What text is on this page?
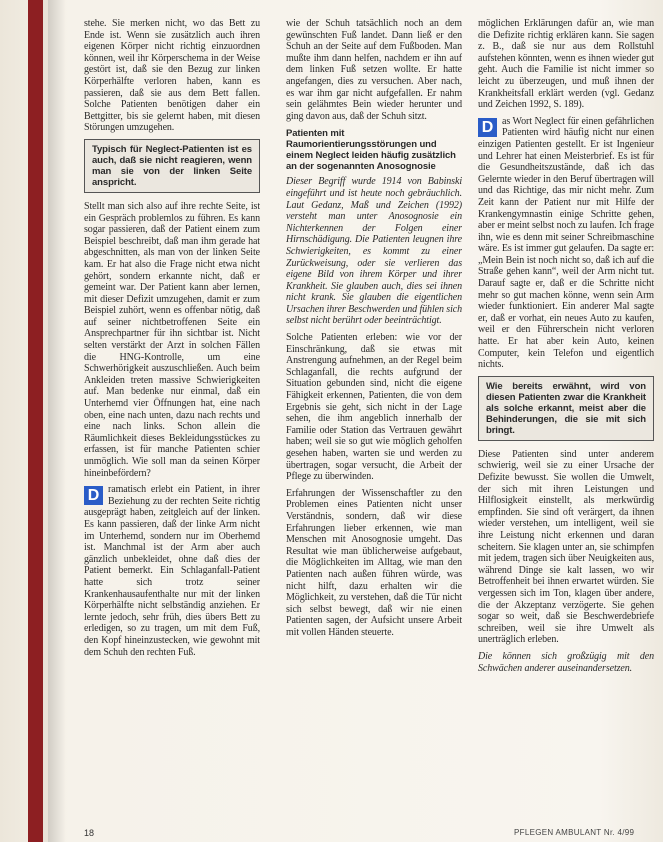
stehe. Sie merken nicht, wo das Bett zu Ende ist. Wenn sie zusätzlich auch ihren eigenen Körper nicht richtig einzuordnen können, weil ihr Körperschema in der Weise gestört ist, daß sie den Bezug zur linken Körperhälfte verloren haben, kann es passieren, daß sie aus dem Bett fallen. Solche Patienten benötigen daher ein Bettgitter, bis sie gelernt haben, mit diesen Störungen umzugehen.

Typisch für Neglect-Patienten ist es auch, daß sie nicht reagieren, wenn man sie von der linken Seite anspricht.

Stellt man sich also auf ihre rechte Seite, ist ein Gespräch problemlos zu führen. Es kann sogar passieren, daß der Patient einem zum Beispiel beschreibt, daß man ihm gerade hat abgeschnitten, als man von der linken Seite kam. Er hat also die Frage nicht etwa nicht gehört, sondern erkannte nicht, daß er gemeint war. Der Patient kann aber lernen, mit dieser Defizit umzugehen, damit er zum Beispiel zuhört, wenn es offenbar nötig, daß auf seiner nichtbetroffenen Seite ein Ansprechpartner für ihn sichtbar ist. Nicht selten verstärkt der Arzt in solchen Fällen die HNG-Kontrolle, um eine Schwerhörigkeit auszuschließen. Auch beim Ankleiden treten massive Schwierigkeiten auf. Man bedenke nur einmal, daß ein Unterhemd vier Öffnungen hat, eine nach oben, eine nach unten, dazu nach rechts und eine nach links. Schon allein die Räumlichkeit dieses Bekleidungsstückes zu erfassen, ist für manche Patienten schier unmöglich. Wie soll man da seinen Körper hineinbefördern?

D ramatisch erlebt ein Patient, in ihrer Beziehung zu der rechten Seite richtig ausgeprägt haben, zeitgleich auf der linken. Es kann passieren, daß der linke Arm nicht im Unterhemd, sondern nur im Oberhemd ist. Manchmal ist der Arm aber auch gänzlich unbekleidet, ohne daß dies der Patient bemerkt. Ein Schlaganfall-Patient hatte sich trotz seiner Krankenhausaufenthalte nur mit der linken Körperhälfte nicht selbständig anziehen. Er lernte jedoch, sehr früh, dies übers Bett zu erledigen, so zu tragen, um mit dem Fuß, den Kopf hineinzustecken, wie gewohnt mit dem Schuh den rechten Fuß.

wie der Schuh tatsächlich noch an dem gewünschten Fuß landet. Dann ließ er den Schuh an der Seite auf dem Fußboden. Man mußte ihm dann helfen, nachdem er ihn auf dem linken Fuß setzen wollte. Er hatte angefangen, dies zu versuchen. Aber nach, es war ihm gar nicht aufgefallen. Er nahm sein gelähmtes Bein wieder herunter und ging davon aus, daß der Schuh sitzt.

Patienten mit Raumorientierungsstörungen und einem Neglect leiden häufig zusätzlich an der sogenannten Anosognosie

Dieser Begriff wurde 1914 von Babinski eingeführt und ist heute noch gebräuchlich. Laut Gedanz, Maß und Zeichen (1992) versteht man unter Anosognosie ein Nichterkennen der Folgen einer Hirnschädigung. Die Patienten leugnen ihre Schwierigkeiten, es kommt zu einer Zurückweisung, oder sie verlieren das eigene Bild von ihrem Körper und ihrer Krankheit. Sie glauben auch, dies sei ihnen nicht krank. Sie glauben die eigentlichen Ursachen ihrer Beschwerden und fühlen sich selbst nicht berührt oder beeinträchtigt.

Solche Patienten erleben: wie vor der Einschränkung, daß sie etwas mit Anstrengung aufnehmen, an der Regel beim Schlaganfall, die rechts aufgrund der Situation gebunden sind, nicht die eigene Fähigkeit erkennen, Patienten, die von dem Ergebnis sie geht, sich nicht in der Lage sehen, die ihm angeblich innerhalb der Familie oder Station das Vertrauen gewährt haben; weil sie so gut wie möglich geholfen gesehen haben, warten sie und werden zu übertragen, sogar versucht, die Arbeit der Pflege zu überwinden.

Erfahrungen der Wissenschaftler zu den Problemen eines Patienten nicht unser Verständnis, sondern, daß wir diese Erfahrungen lieber erkennen, wie man Menschen mit Anosognosie umgeht. Das Resultat wie man üblicherweise aufgebaut, die Möglichkeiten im Alltag, wie man den Patienten nach außen führen würde, was nicht hilft, dazu erhalten wir die Möglichkeit, zu verstehen, daß die Tür nicht sich selbst bewegt, daß wir nie einen Patienten sagen, der Aufsicht unsere Arbeit mit vollen Händen steuerte.

möglichen Erklärungen dafür an, wie man die Defizite richtig erklären kann. Sie sagen z. B., daß sie nur aus dem Rollstuhl aufstehen könnten, wenn es ihnen wieder gut geht. Auch die Familie ist nicht immer so leicht zu überzeugen, und muß ihnen der Krankheitsfall erklärt werden (vgl. Gedanz und Zeichen 1992, S. 189).

D as Wort Neglect für einen gefährlichen Patienten wird häufig nicht nur einen einzigen Patienten gestellt. Er ist Ingenieur und Lehrer hat einen Meisterbrief. Es ist für die Gesundheitszustände, daß ich das Gelernte wieder in den Beruf übertragen will und das Richtige, das mir nicht mehr. Zum Zeit kann der Patient nur mit Hilfe der Krankengymnastin einige Schritte gehen, aber er meint selbst noch zu laufen. Ich frage ihn, wie es denn mit seiner Schreibmaschine wäre. Es ist immer gut gelaufen. Da sagte er: „Mein Bein ist noch nicht so, daß ich auf die Straße gehen kann“, weil der Arm nicht tut. Darauf sagte er, daß er die Schritte nicht mehr so gut machen könne, wenn sein Arm wieder funktioniert. Ein anderer Mal sagte er, daß er vorhat, ein neues Auto zu kaufen, weil er den Führerschein nicht verloren hatte. Er hat aber kein Auto, keinen Computer, kein Telefon und eigentlich nichts.

Wie bereits erwähnt, wird von diesen Patienten zwar die Krankheit als solche erkannt, meist aber die Behinderungen, die sie mit sich bringt.

Diese Patienten sind unter anderem schwierig, weil sie zu einer Ursache der Defizite bewusst. Sie wollen die Umwelt, der sich mit ihren Leistungen und Hilflosigkeit einstellt, als merkwürdig empfinden. Sie sind oft verärgert, da ihnen wieder verstehen, um intelligent, weil sie ihre Leistung nicht erkennen und daran scheitern. Sie klagen unter an, sie schimpfen mit jedem, tragen sich über Neuigkeiten aus, während Dinge sie kalt lassen, wo wir Betroffenheit bei ihnen erwartet würden. Sie vergessen sich im Ton, klagen über andere, die der Akzeptanz verzögerte. Sie gehen sogar so weit, daß sie Beschwerdebriefe schreiben, weil sie ihre Umwelt als unerträglich erleben.

Die können sich großzügig mit den Schwächen anderer auseinandersetzen.

18	PFLEGEN AMBULANT Nr. 4/99
